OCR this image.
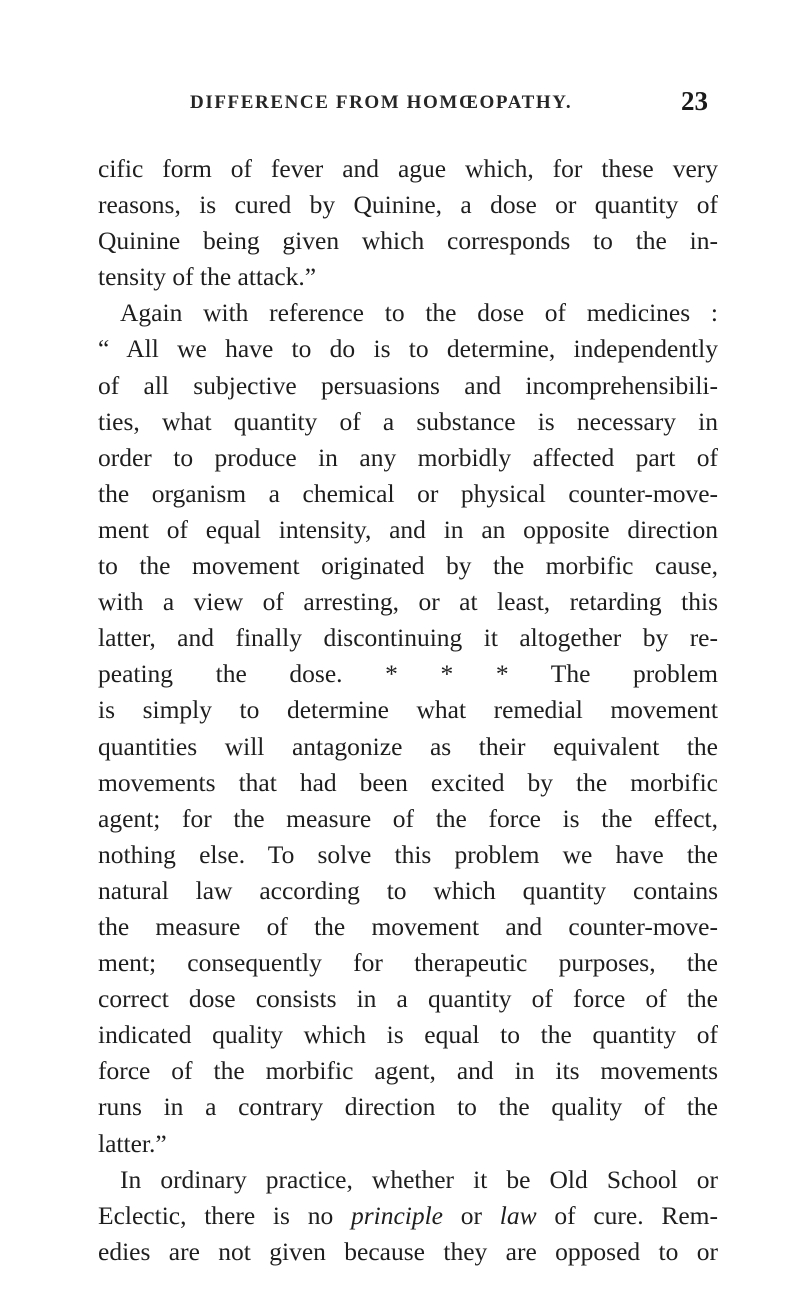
DIFFERENCE FROM HOMŒOPATHY.	23
cific form of fever and ague which, for these very
reasons, is cured by Quinine, a dose or quantity of
Quinine being given which corresponds to the in-
tensity of the attack.”
Again with reference to the dose of medicines :
“ All we have to do is to determine, independently
of all subjective persuasions and incomprehensibili-
ties, what quantity of a substance is necessary in
order to produce in any morbidly affected part of
the organism a chemical or physical counter-move-
ment of equal intensity, and in an opposite direction
to the movement originated by the morbific cause,
with a view of arresting, or at least, retarding this
latter, and finally discontinuing it altogether by re-
peating the dose. * * * The problem
is simply to determine what remedial movement
quantities will antagonize as their equivalent the
movements that had been excited by the morbific
agent; for the measure of the force is the effect,
nothing else. To solve this problem we have the
natural law according to which quantity contains
the measure of the movement and counter-move-
ment; consequently for therapeutic purposes, the
correct dose consists in a quantity of force of the
indicated quality which is equal to the quantity of
force of the morbific agent, and in its movements
runs in a contrary direction to the quality of the
latter.”
In ordinary practice, whether it be Old School or
Eclectic, there is no principle or law of cure. Rem-
edies are not given because they are opposed to or
